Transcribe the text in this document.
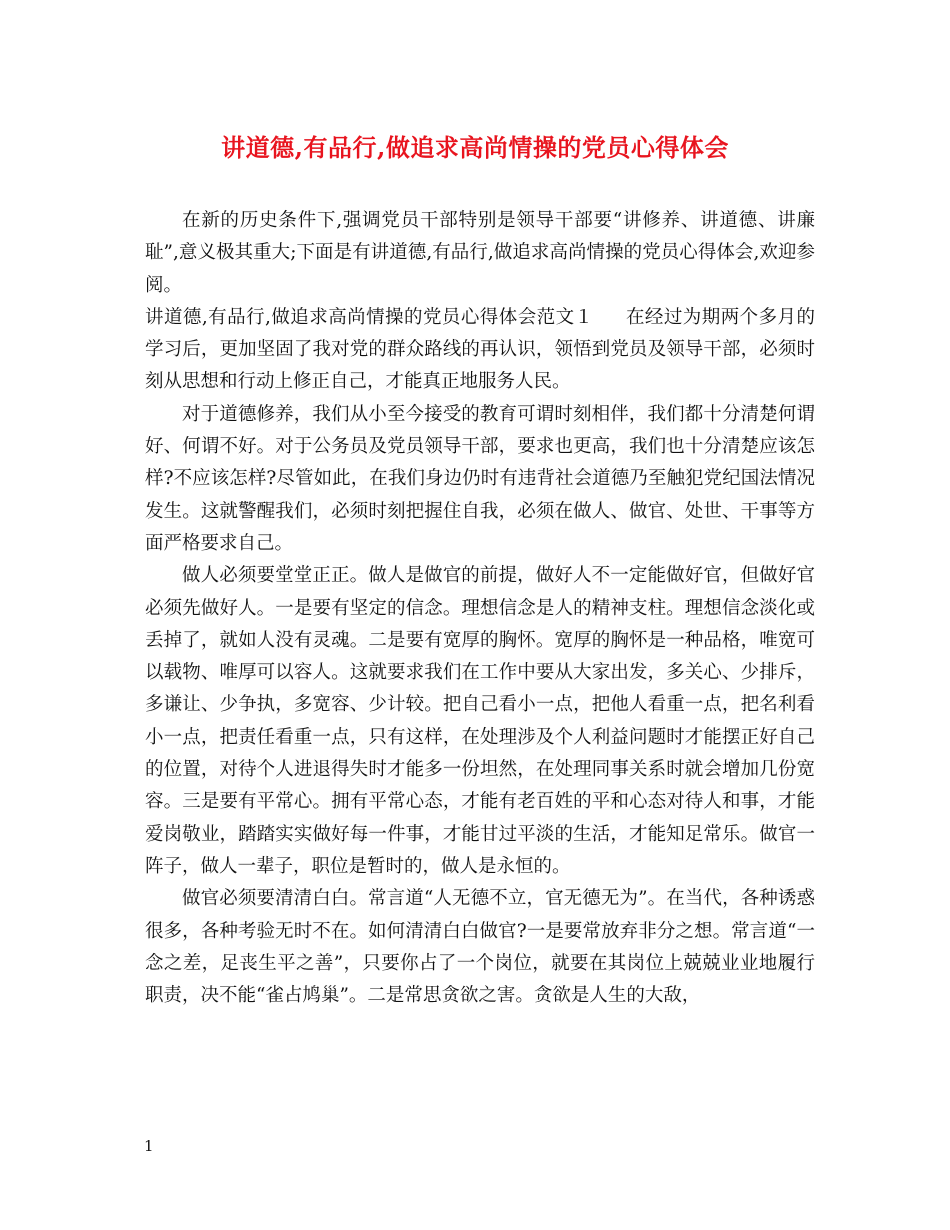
讲道德,有品行,做追求高尚情操的党员心得体会

在新的历史条件下,强调党员干部特别是领导干部要“讲修养、讲道德、讲廉耻”,意义极其重大;下面是有讲道德,有品行,做追求高尚情操的党员心得体会,欢迎参阅。

讲道德,有品行,做追求高尚情操的党员心得体会范文１ 在经过为期两个多月的学习后，更加坚固了我对党的群众路线的再认识，领悟到党员及领导干部，必须时刻从思想和行动上修正自己，才能真正地服务人民。

对于道德修养，我们从小至今接受的教育可谓时刻相伴，我们都十分清楚何谓好、何谓不好。对于公务员及党员领导干部，要求也更高，我们也十分清楚应该怎样?不应该怎样?尽管如此，在我们身边仍时有违背社会道德乃至触犯党纪国法情况发生。这就警醒我们，必须时刻把握住自我，必须在做人、做官、处世、干事等方面严格要求自己。

做人必须要堂堂正正。做人是做官的前提，做好人不一定能做好官，但做好官必须先做好人。一是要有坚定的信念。理想信念是人的精神支柱。理想信念淡化或丢掉了，就如人没有灵魂。二是要有宽厚的胸怀。宽厚的胸怀是一种品格，唯宽可以载物、唯厚可以容人。这就要求我们在工作中要从大家出发，多关心、少排斥，多谦让、少争执，多宽容、少计较。把自己看小一点，把他人看重一点，把名利看小一点，把责任看重一点，只有这样，在处理涉及个人利益问题时才能摆正好自己的位置，对待个人进退得失时才能多一份坦然，在处理同事关系时就会增加几份宽容。三是要有平常心。拥有平常心态，才能有老百姓的平和心态对待人和事，才能爱岗敬业，踏踏实实做好每一件事，才能甘过平淡的生活，才能知足常乐。做官一阵子，做人一辈子，职位是暂时的，做人是永恒的。

做官必须要清清白白。常言道“人无德不立，官无德无为”。在当代，各种诱惑很多，各种考验无时不在。如何清清白白做官?一是要常放弃非分之想。常言道“一念之差，足丧生平之善”，只要你占了一个岗位，就要在其岗位上兢兢业业地履行职责，决不能“雀占鸠巢”。二是常思贪欲之害。贪欲是人生的大敌，

1
